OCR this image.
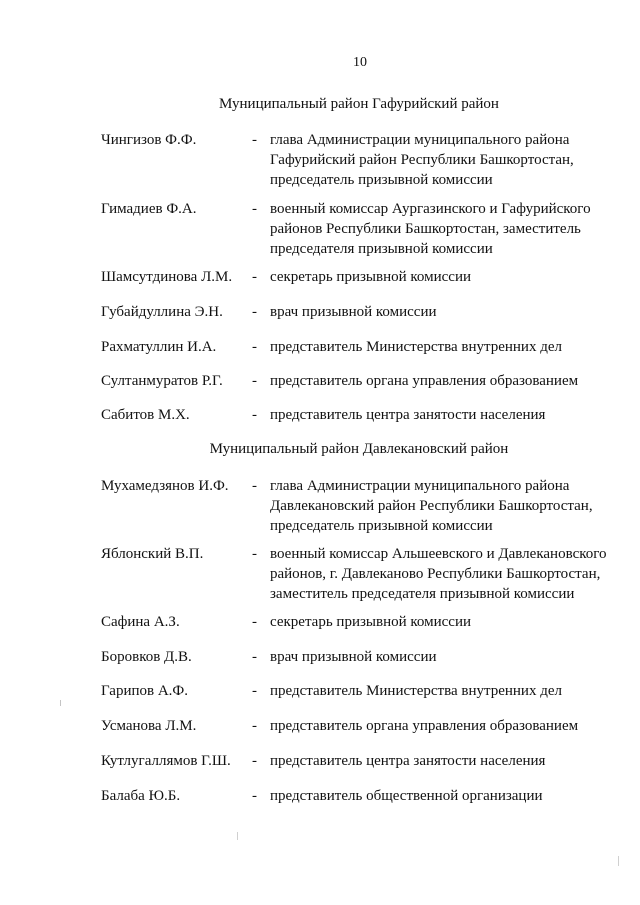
10
Муниципальный район Гафурийский район
Чингизов Ф.Ф.	- глава Администрации муниципального района
Гафурийский район Республики Башкортостан,
председатель призывной комиссии
Гимадиев Ф.А.	- военный комиссар Аургазинского и Гафурийского
районов Республики Башкортостан, заместитель
председателя призывной комиссии
Шамсутдинова Л.М. - секретарь призывной комиссии
Губайдуллина Э.Н. - врач призывной комиссии
Рахматуллин И.А. - представитель Министерства внутренних дел
Султанмуратов Р.Г. - представитель органа управления образованием
Сабитов М.Х.	- представитель центра занятости населения
Муниципальный район Давлекановский район
Мухамедзянов И.Ф. - глава Администрации муниципального района
Давлекановский район Республики Башкортостан,
председатель призывной комиссии
Яблонский В.П.	- военный комиссар Альшеевского и Давлекановского
районов, г. Давлеканово Республики Башкортостан,
заместитель председателя призывной комиссии
Сафина А.З.	- секретарь призывной комиссии
Боровков Д.В.	- врач призывной комиссии
Гарипов А.Ф.	- представитель Министерства внутренних дел
Усманова Л.М.	- представитель органа управления образованием
Кутлугаллямов Г.Ш. - представитель центра занятости населения
Балаба Ю.Б.	- представитель общественной организации
